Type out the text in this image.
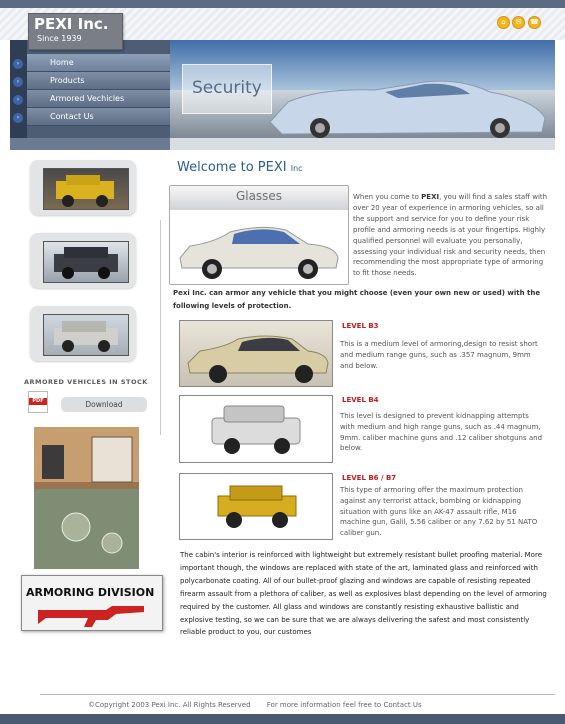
PEXI Inc.
Since 1939
⌂	✉	☎
›
›
›
›
Home
Products
Armored Vechicles
Contact Us
Security
ARMORED VEHICLES IN STOCK
PDF	Download
ARMORING DIVISION
Welcome to PEXI Inc
Glasses	When you come to PEXI, you will find a sales staff with over 20 year of experience in armoring vehicles, so all the support and service for you to define your risk profile and armoring needs is at your fingertips. Highly qualified personnel will evaluate you personally, assessing your individual risk and security needs, then recommending the most appropriate type of armoring to fit those needs.
Pexi Inc. can armor any vehicle that you might choose (even your own new or used) with the following levels of protection.
LEVEL B3
This is a medium level of armoring,design to resist short and medium range guns, such as .357 magnum, 9mm and below.
LEVEL B4
This level is designed to prevent kidnapping attempts with medium and high range guns, such as .44 magnum, 9mm. caliber machine guns and .12 caliber shotguns and below.
LEVEL B6 / B7
This type of armoring offer the maximum protection against any terrorist attack, bombing or kidnapping situation with guns like an AK-47 assault rifle, M16 machine gun, Galil, 5.56 caliber or any 7.62 by 51 NATO caliber gun.
The cabin's interior is reinforced with lightweight but extremely resistant bullet proofing material. More important though, the windows are replaced with state of the art, laminated glass and reinforced with polycarbonate coating. All of our bullet-proof glazing and windows are capable of resisting repeated firearm assault from a plethora of caliber, as well as explosives blast depending on the level of armoring required by the customer. All glass and windows are constantly resisting exhaustive ballistic and explosive testing, so we can be sure that we are always delivering the safest and most consistently reliable product to you, our customes
©Copyright 2003 Pexi Inc. All Rights Reserved For more information feel free to Contact Us
